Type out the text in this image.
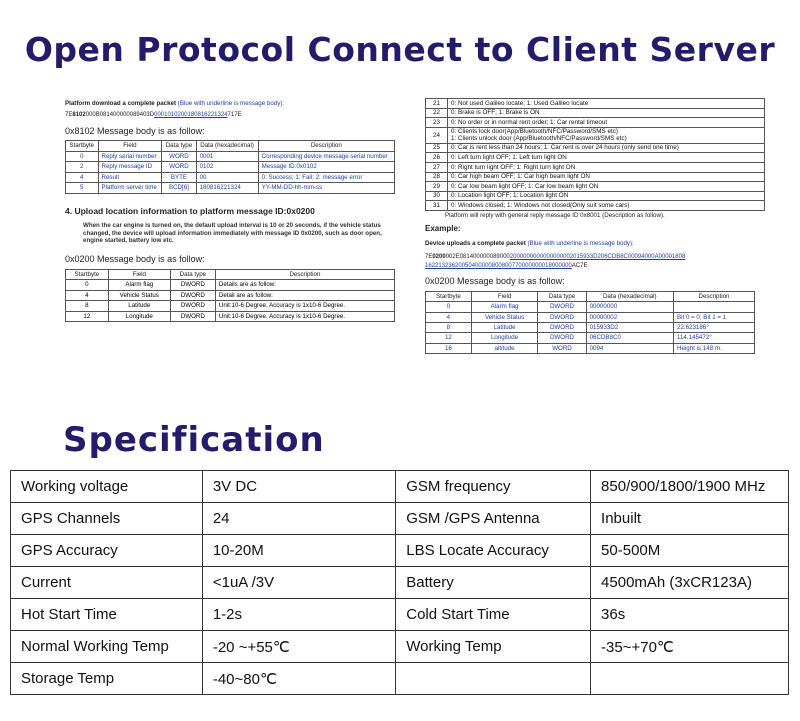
Open Protocol Connect to Client Server
Platform download a complete packet (Blue with underline is message body):
7E8102000B081400000089403D0001010200180816221324717E
0x8102 Message body is as follow:
Startbyte	Field	Data type	Data (hexadecimal)	Description
0	Reply serial number	WORD	0001	Corresponding device message serial number
2	Reply message ID	WORD	0102	Message ID:0x0102
4	Result	BYTE	00	0: Success; 1: Fail; 2: message error
5	Platform server time	BCD[6]	180816221324	YY-MM-DD-hh-mm-ss
4. Upload location information to platform message ID:0x0200
When the car engine is turned on, the default upload interval is 10 or 20 seconds, if the vehicle status changed, the device will upload information immediately with message ID 0x0200, such as door open, engine started, battery low etc.
0x0200 Message body is as follow:
Startbyte	Field	Data type	Description
0	Alarm flag	DWORD	Details are as follow:
4	Vehicle Status	DWORD	Detail are as follow:
8	Latitude	DWORD	Unit:10-6 Degree, Accuracy is 1x10-6 Degree.
12	Longitude	DWORD	Unit:10-6 Degree, Accuracy is 1x10-6 Degree.
21	0: Not used Galileo locate; 1: Used Galileo locate
22	0: Brake is OFF; 1: Brake is ON
23	0: No order or in normal rent order; 1: Car rental timeout
24	0: Clients lock door(App/Bluetooth/NFC/Password/SMS etc)
1: Clients unlock door (App/Bluetooth/NFC/Password/SMS etc)
25	0: Car is rent less than 24 hours; 1: Car rent is over 24 hours (only send one time)
26	0: Left turn light OFF; 1: Left turn light ON
27	0: Right turn light OFF; 1: Right turn light ON
28	0: Car high beam OFF; 1: Car high beam light ON
29	0: Car low beam light OFF; 1: Car low beam light ON
30	0: Location light OFF; 1: Location light ON
31	0: Windows closed; 1: Windows not closed(Only suit some cars)
Platform will reply with general reply message ID 0x8001 (Description as follow).
Example:
Device uploads a complete packet (Blue with underline is message body):
7E0200002E0814000000890002000000000000000002015933D206CDB8C00094000A00001808
16221323620050400000800800770000000018000000AC7E
0x0200 Message body is as follow:
Startbyte	Field	Data type	Data (hexadecimal)	Description
0	Alarm flag	DWORD	00000000	
4	Vehicle Status	DWORD	00000002	Bit 0 = 0; Bit 1 = 1
8	Latitude	DWORD	015933D2	22.623186°
12	Longitude	DWORD	06CDB8C0	114.145472°
16	altitude	WORD	0094	Height is 148 m.
Specification
Working voltage	3V DC	GSM frequency	850/900/1800/1900 MHz
GPS Channels	24	GSM /GPS Antenna	Inbuilt
GPS Accuracy	10-20M	LBS Locate Accuracy	50-500M
Current	<1uA /3V	Battery	4500mAh (3xCR123A)
Hot Start Time	1-2s	Cold Start Time	36s
Normal Working Temp	-20 ~+55℃	Working Temp	-35~+70℃
Storage Temp	-40~80℃		
